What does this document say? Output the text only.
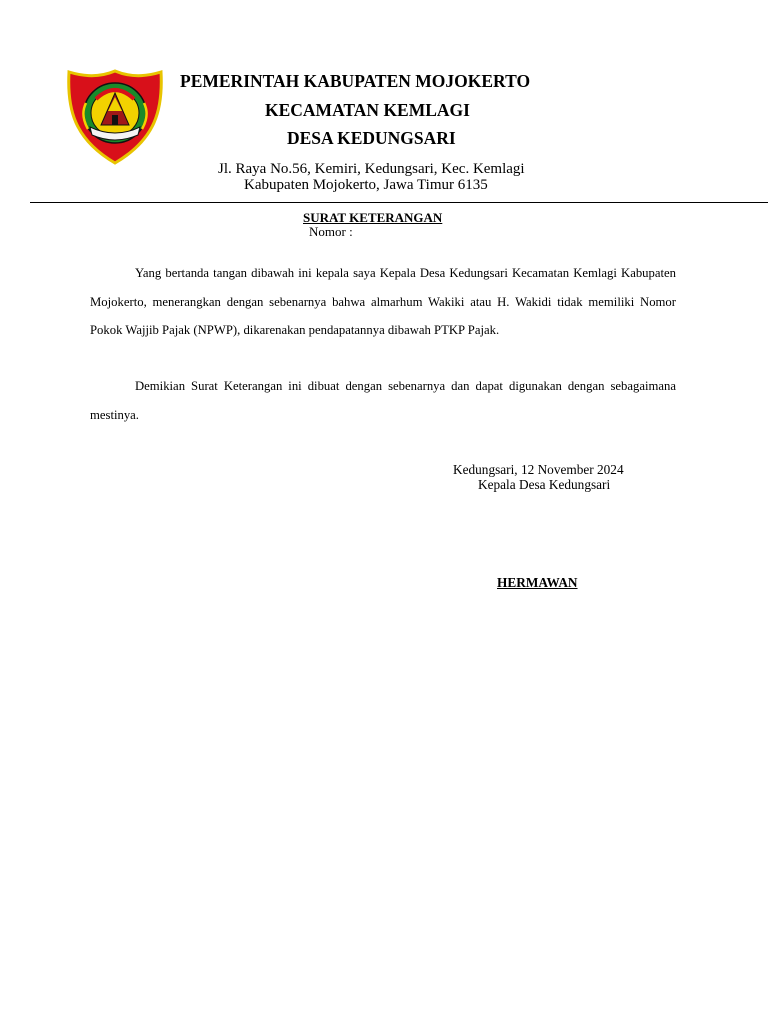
PEMERINTAH KABUPATEN MOJOKERTO
KECAMATAN KEMLAGI
DESA KEDUNGSARI
Jl. Raya No.56, Kemiri, Kedungsari, Kec. Kemlagi
Kabupaten Mojokerto, Jawa Timur 6135
SURAT KETERANGAN
Nomor :

Yang bertanda tangan dibawah ini kepala saya Kepala Desa Kedungsari Kecamatan Kemlagi Kabupaten Mojokerto, menerangkan dengan sebenarnya bahwa almarhum Wakiki atau H. Wakidi tidak memiliki Nomor Pokok Wajjib Pajak (NPWP), dikarenakan pendapatannya dibawah PTKP Pajak.

Demikian Surat Keterangan ini dibuat dengan sebenarnya dan dapat digunakan dengan sebagaimana mestinya.

Kedungsari, 12 November 2024
Kepala Desa Kedungsari
HERMAWAN
